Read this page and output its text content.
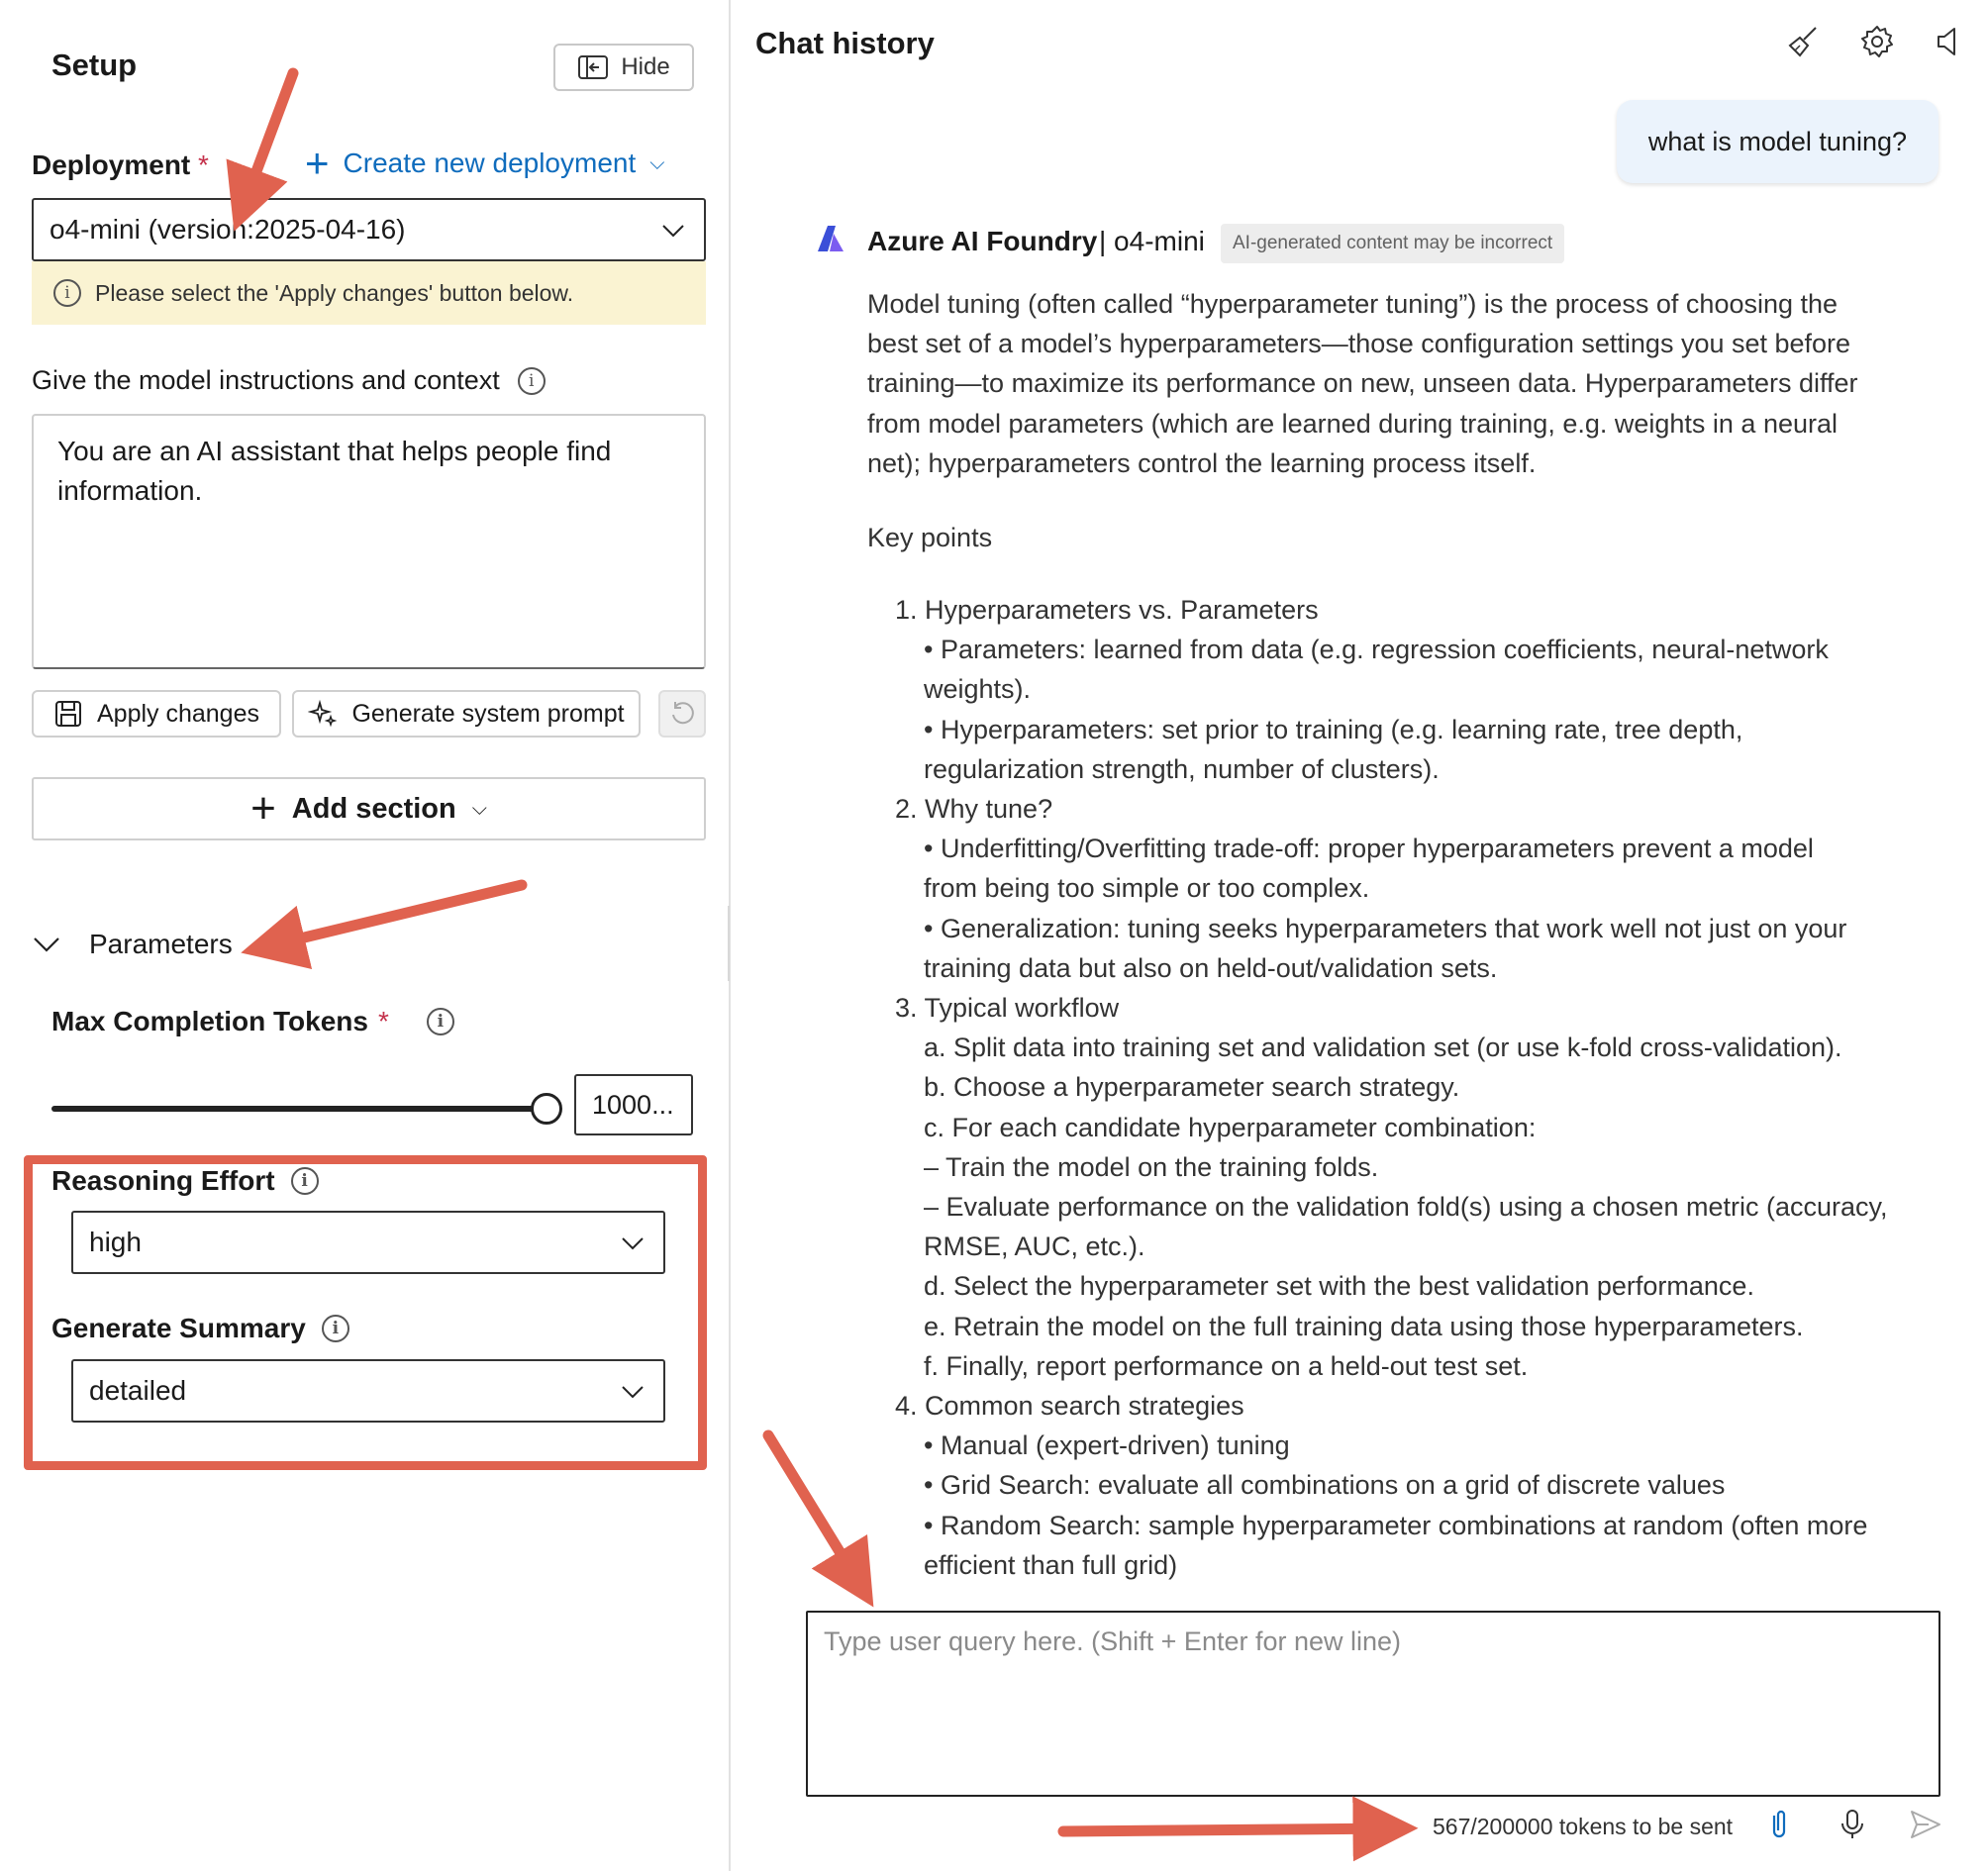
Setup	Hide
Deployment * + Create new deployment ⌵
o4-mini (version:2025-04-16)
i	Please select the 'Apply changes' button below.
Give the model instructions and context	i
You are an AI assistant that helps people find information.
Apply changes	Generate system prompt
+ Add section ⌵
Parameters
Max Completion Tokens *	i
1000...
Reasoning Effort	i
high
Generate Summary	i
detailed
Chat history
what is model tuning?
Azure AI Foundry | o4-mini	AI-generated content may be incorrect

Model tuning (often called “hyperparameter tuning”) is the process of choosing the

best set of a model’s hyperparameters—those configuration settings you set before

training—to maximize its performance on new, unseen data. Hyperparameters differ

from model parameters (which are learned during training, e.g. weights in a neural

net); hyperparameters control the learning process itself.

Key points
1. Hyperparameters vs. Parameters
• Parameters: learned from data (e.g. regression coefficients, neural-network
weights).
• Hyperparameters: set prior to training (e.g. learning rate, tree depth,
regularization strength, number of clusters).
2. Why tune?
• Underfitting/Overfitting trade-off: proper hyperparameters prevent a model
from being too simple or too complex.
• Generalization: tuning seeks hyperparameters that work well not just on your
training data but also on held-out/validation sets.
3. Typical workflow
a. Split data into training set and validation set (or use k-fold cross-validation).
b. Choose a hyperparameter search strategy.
c. For each candidate hyperparameter combination:
– Train the model on the training folds.
– Evaluate performance on the validation fold(s) using a chosen metric (accuracy,
RMSE, AUC, etc.).
d. Select the hyperparameter set with the best validation performance.
e. Retrain the model on the full training data using those hyperparameters.
f. Finally, report performance on a held-out test set.
4. Common search strategies
• Manual (expert-driven) tuning
• Grid Search: evaluate all combinations on a grid of discrete values
• Random Search: sample hyperparameter combinations at random (often more
efficient than full grid)
Type user query here. (Shift + Enter for new line)
567/200000 tokens to be sent
